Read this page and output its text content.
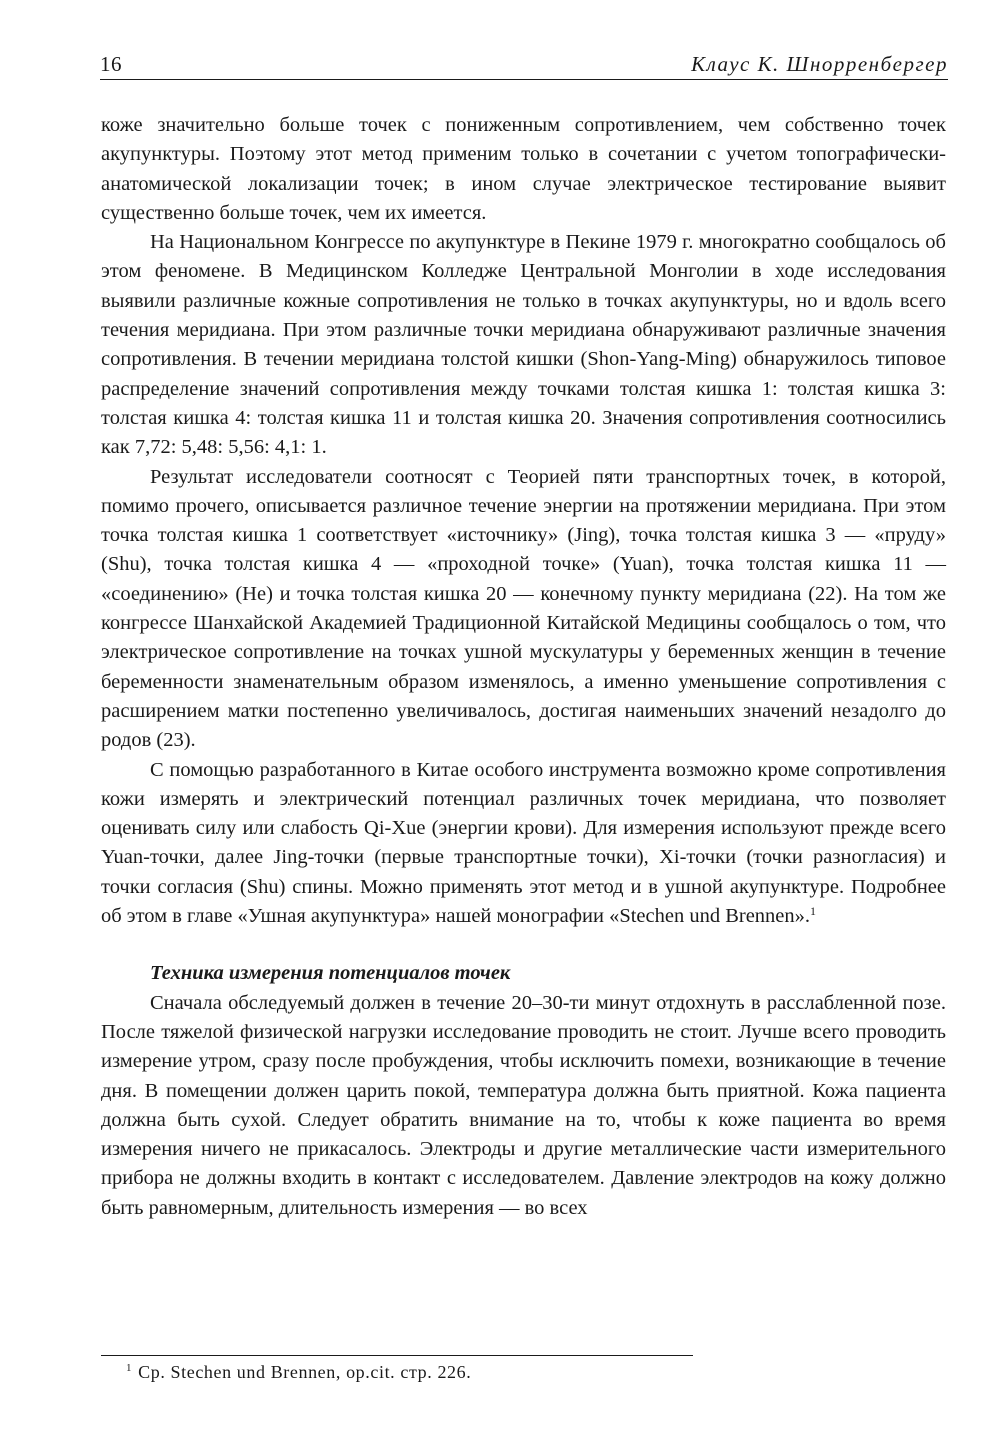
16	Клаус К. Шнорренбергер

коже значительно больше точек с пониженным сопротивлением, чем собственно точек акупунктуры. Поэтому этот метод применим только в сочетании с учетом топографически-анатомической локализации точек; в ином случае электрическое тестирование выявит существенно больше точек, чем их имеется.

На Национальном Конгрессе по акупунктуре в Пекине 1979 г. многократно сообщалось об этом феномене. В Медицинском Колледже Центральной Монголии в ходе исследования выявили различные кожные сопротивления не только в точках акупунктуры, но и вдоль всего течения меридиана. При этом различные точки меридиана обнаруживают различные значения сопротивления. В течении меридиана толстой кишки (Shon-Yang-Ming) обнаружилось типовое распределение значений сопротивления между точками толстая кишка 1: толстая кишка 3: толстая кишка 4: толстая кишка 11 и толстая кишка 20. Значения сопротивления соотносились как 7,72: 5,48: 5,56: 4,1: 1.

Результат исследователи соотносят с Теорией пяти транспортных точек, в которой, помимо прочего, описывается различное течение энергии на протяжении меридиана. При этом точка толстая кишка 1 соответствует «источнику» (Jing), точка толстая кишка 3 — «пруду» (Shu), точка толстая кишка 4 — «проходной точке» (Yuan), точка толстая кишка 11 — «соединению» (He) и точка толстая кишка 20 — конечному пункту меридиана (22). На том же конгрессе Шанхайской Академией Традиционной Китайской Медицины сообщалось о том, что электрическое сопротивление на точках ушной мускулатуры у беременных женщин в течение беременности знаменательным образом изменялось, а именно уменьшение сопротивления с расширением матки постепенно увеличивалось, достигая наименьших значений незадолго до родов (23).

С помощью разработанного в Китае особого инструмента возможно кроме сопротивления кожи измерять и электрический потенциал различных точек меридиана, что позволяет оценивать силу или слабость Qi-Xue (энергии крови). Для измерения используют прежде всего Yuan-точки, далее Jing-точки (первые транспортные точки), Xi-точки (точки разногласия) и точки согласия (Shu) спины. Можно применять этот метод и в ушной акупунктуре. Подробнее об этом в главе «Ушная акупунктура» нашей монографии «Stechen und Brennen».$^1$

Техника измерения потенциалов точек

Сначала обследуемый должен в течение 20–30-ти минут отдохнуть в расслабленной позе. После тяжелой физической нагрузки исследование проводить не стоит. Лучше всего проводить измерение утром, сразу после пробуждения, чтобы исключить помехи, возникающие в течение дня. В помещении должен царить покой, температура должна быть приятной. Кожа пациента должна быть сухой. Следует обратить внимание на то, чтобы к коже пациента во время измерения ничего не прикасалось. Электроды и другие металлические части измерительного прибора не должны входить в контакт с исследователем. Давление электродов на кожу должно быть равномерным, длительность измерения — во всех

$^1$ Ср. Stechen und Brennen, op.cit. стр. 226.
